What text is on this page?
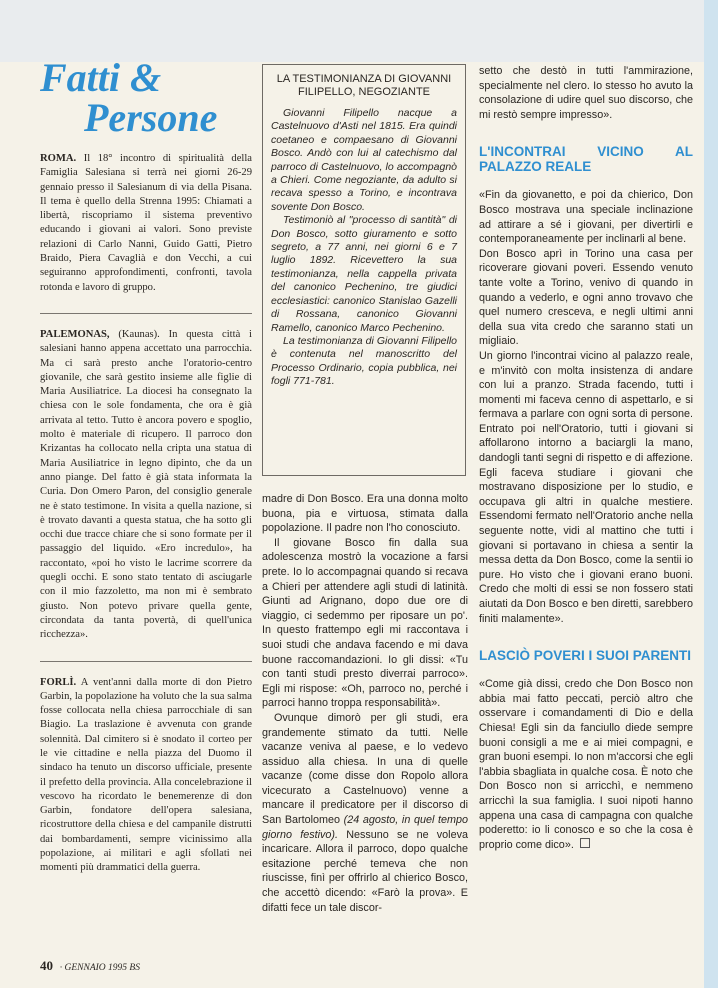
Fatti &
Persone

ROMA. Il 18° incontro di spiritualità della Famiglia Salesiana si terrà nei giorni 26-29 gennaio presso il Salesianum di via della Pisana. Il tema è quello della Strenna 1995: Chiamati a libertà, riscopriamo il sistema preventivo educando i giovani ai valori. Sono previste relazioni di Carlo Nanni, Guido Gatti, Pietro Braido, Piera Cavaglià e don Vecchi, a cui seguiranno approfondimenti, confronti, tavola rotonda e lavoro di gruppo.

PALEMONAS, (Kaunas). In questa città i salesiani hanno appena accettato una parrocchia. Ma ci sarà presto anche l'oratorio-centro giovanile, che sarà gestito insieme alle figlie di Maria Ausiliatrice. La diocesi ha consegnato la chiesa con le sole fondamenta, che ora è già arrivata al tetto. Tutto è ancora povero e spoglio, molto è materiale di ricupero. Il parroco don Krizantas ha collocato nella cripta una statua di Maria Ausiliatrice in legno dipinto, che da un anno piange. Del fatto è già stata informata la Curia. Don Omero Paron, del consiglio generale ne è stato testimone. In visita a quella nazione, si è trovato davanti a questa statua, che ha sotto gli occhi due tracce chiare che si sono formate per il passaggio del liquido. «Ero incredulo», ha raccontato, «poi ho visto le lacrime scorrere da quegli occhi. E sono stato tentato di asciugarle con il mio fazzoletto, ma non mi è sembrato giusto. Non potevo privare quella gente, circondata da tanta povertà, di quell'unica ricchezza».

FORLÌ. A vent'anni dalla morte di don Pietro Garbin, la popolazione ha voluto che la sua salma fosse collocata nella chiesa parrocchiale di san Biagio. La traslazione è avvenuta con grande solennità. Dal cimitero si è snodato il corteo per le vie cittadine e nella piazza del Duomo il sindaco ha tenuto un discorso ufficiale, presente il prefetto della provincia. Alla concelebrazione il vescovo ha ricordato le benemerenze di don Garbin, fondatore dell'opera salesiana, ricostruttore della chiesa e del campanile distrutti dai bombardamenti, sempre vicinissimo alla popolazione, ai militari e agli sfollati nei momenti più drammatici della guerra.

LA TESTIMONIANZA DI GIOVANNI FILIPELLO, NEGOZIANTE

Giovanni Filipello nacque a Castelnuovo d'Asti nel 1815. Era quindi coetaneo e compaesano di Giovanni Bosco. Andò con lui al catechismo dal parroco di Castelnuovo, lo accompagnò a Chieri. Come negoziante, da adulto si recava spesso a Torino, e incontrava sovente Don Bosco.

Testimoniò al "processo di santità" di Don Bosco, sotto giuramento e sotto segreto, a 77 anni, nei giorni 6 e 7 luglio 1892. Ricevettero la sua testimonianza, nella cappella privata del canonico Pechenino, tre giudici ecclesiastici: canonico Stanislao Gazelli di Rossana, canonico Giovanni Ramello, canonico Marco Pechenino.

La testimonianza di Giovanni Filipello è contenuta nel manoscritto del Processo Ordinario, copia pubblica, nei fogli 771-781.

madre di Don Bosco. Era una donna molto buona, pia e virtuosa, stimata dalla popolazione. Il padre non l'ho conosciuto.

Il giovane Bosco fin dalla sua adolescenza mostrò la vocazione a farsi prete. Io lo accompagnai quando si recava a Chieri per attendere agli studi di latinità. Giunti ad Arignano, dopo due ore di viaggio, ci sedemmo per riposare un po'. In questo frattempo egli mi raccontava i suoi studi che andava facendo e mi dava buone raccomandazioni. Io gli dissi: «Tu con tanti studi presto diverrai parroco». Egli mi rispose: «Oh, parroco no, perché i parroci hanno troppa responsabilità».

Ovunque dimorò per gli studi, era grandemente stimato da tutti. Nelle vacanze veniva al paese, e lo vedevo assiduo alla chiesa. In una di quelle vacanze (come disse don Ropolo allora vicecurato a Castelnuovo) venne a mancare il predicatore per il discorso di San Bartolomeo (24 agosto, in quel tempo giorno festivo). Nessuno se ne voleva incaricare. Allora il parroco, dopo qualche esitazione perché temeva che non riuscisse, finì per offrirlo al chierico Bosco, che accettò dicendo: «Farò la prova». E difatti fece un tale discor-

setto che destò in tutti l'ammirazione, specialmente nel clero. Io stesso ho avuto la consolazione di udire quel suo discorso, che mi restò sempre impresso».

L'INCONTRAI VICINO AL PALAZZO REALE

«Fin da giovanetto, e poi da chierico, Don Bosco mostrava una speciale inclinazione ad attirare a sé i giovani, per divertirli e contemporaneamente per inclinarli al bene.

Don Bosco aprì in Torino una casa per ricoverare giovani poveri. Essendo venuto tante volte a Torino, venivo di quando in quando a vederlo, e ogni anno trovavo che quel numero cresceva, e negli ultimi anni della sua vita credo che saranno stati un migliaio.

Un giorno l'incontrai vicino al palazzo reale, e m'invitò con molta insistenza di andare con lui a pranzo. Strada facendo, tutti i momenti mi faceva cenno di aspettarlo, e si fermava a parlare con ogni sorta di persone. Entrato poi nell'Oratorio, tutti i giovani si affollarono intorno a baciargli la mano, dandogli tanti segni di rispetto e di affezione. Egli faceva studiare i giovani che mostravano disposizione per lo studio, e occupava gli altri in qualche mestiere. Essendomi fermato nell'Oratorio anche nella seguente notte, vidi al mattino che tutti i giovani si portavano in chiesa a sentir la messa detta da Don Bosco, come la sentii io pure. Ho visto che i giovani erano buoni. Credo che molti di essi se non fossero stati aiutati da Don Bosco e ben diretti, sarebbero finiti malamente».

LASCIÒ POVERI I SUOI PARENTI

«Come già dissi, credo che Don Bosco non abbia mai fatto peccati, perciò altro che osservare i comandamenti di Dio e della Chiesa! Egli sin da fanciullo diede sempre buoni consigli a me e ai miei compagni, e gran buoni esempi. Io non m'accorsi che egli l'abbia sbagliata in qualche cosa. È noto che Don Bosco non si arricchì, e nemmeno arricchì la sua famiglia. I suoi nipoti hanno appena una casa di campagna con qualche poderetto: io li conosco e so che la cosa è proprio come dico».

40 · GENNAIO 1995 BS
